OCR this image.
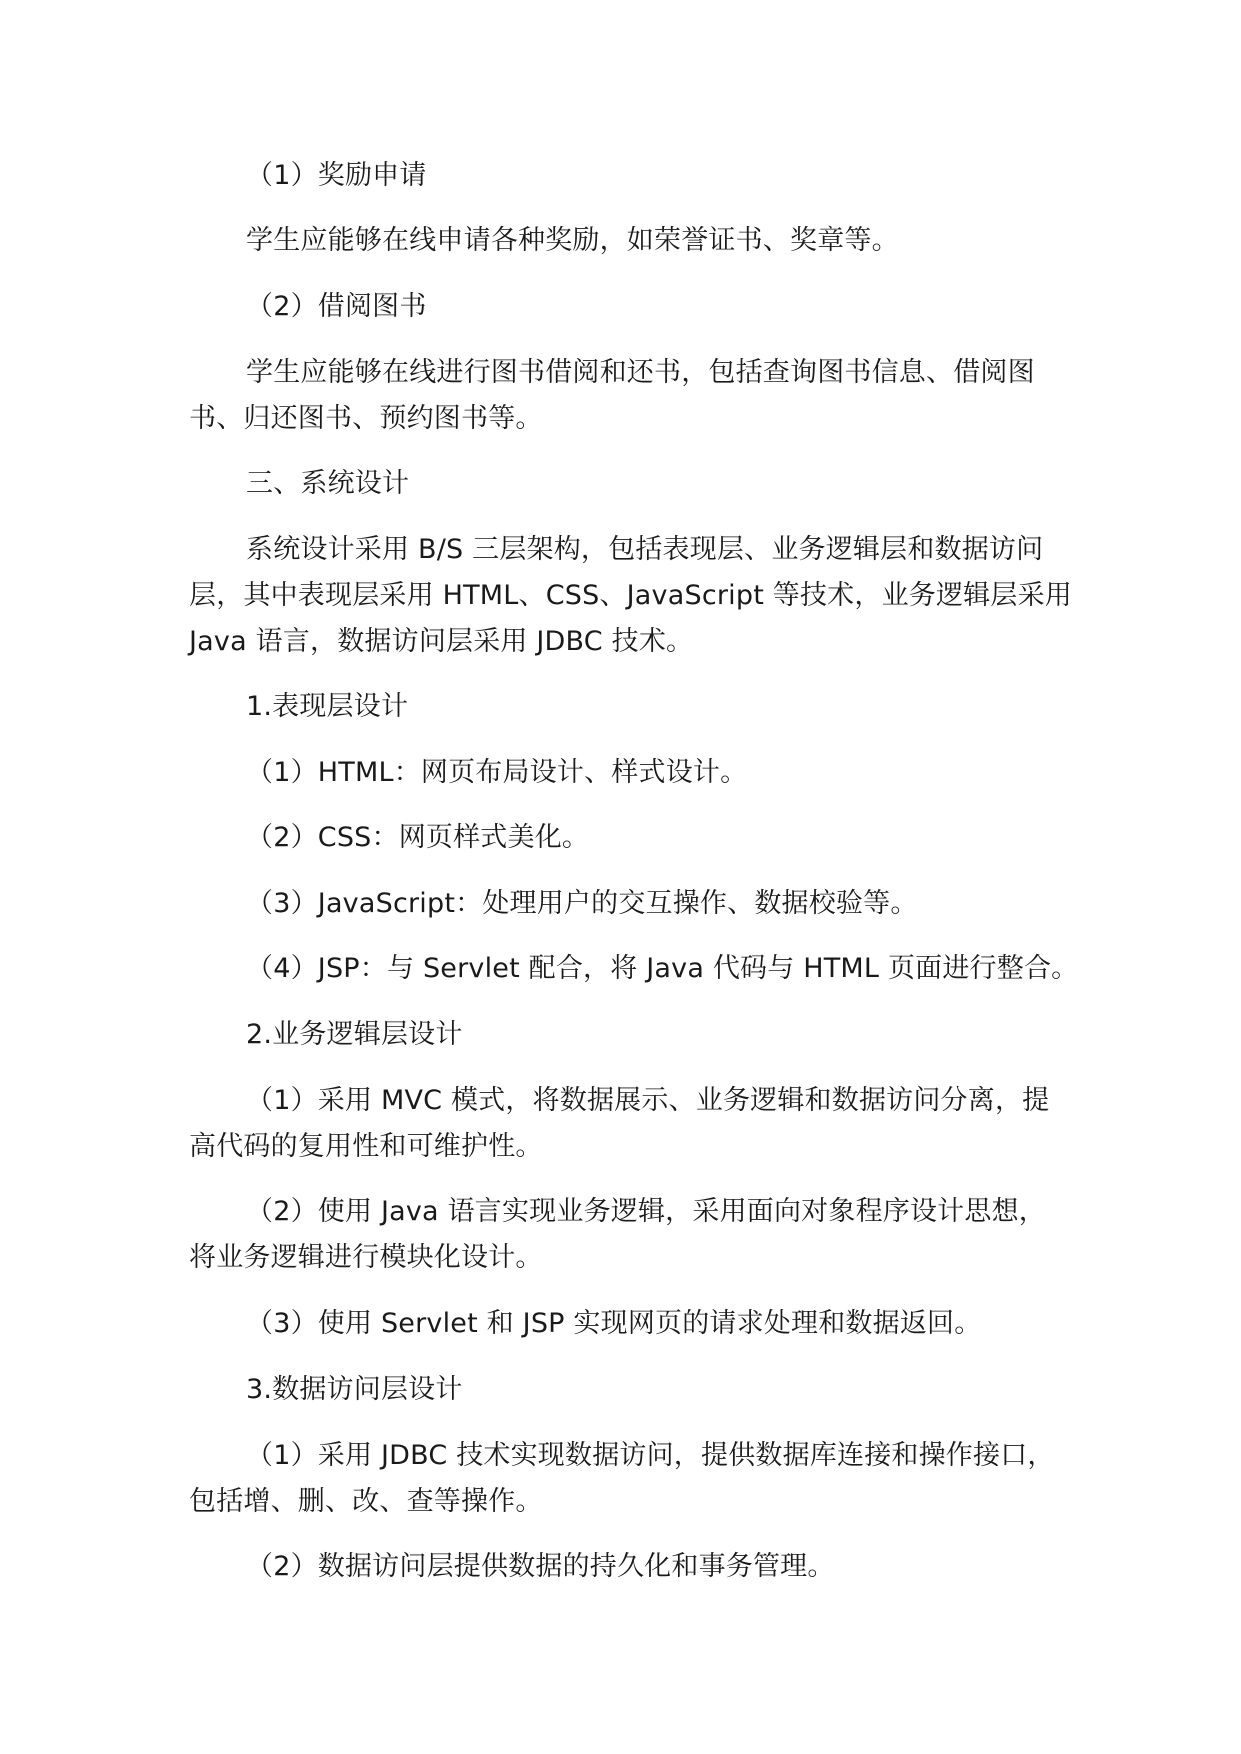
（1）奖励申请

学生应能够在线申请各种奖励，如荣誉证书、奖章等。

（2）借阅图书

学生应能够在线进行图书借阅和还书，包括查询图书信息、借阅图
书、归还图书、预约图书等。

三、系统设计

系统设计采用 B/S 三层架构，包括表现层、业务逻辑层和数据访问
层，其中表现层采用 HTML、CSS、JavaScript 等技术，业务逻辑层采用
Java 语言，数据访问层采用 JDBC 技术。

1.表现层设计

（1）HTML：网页布局设计、样式设计。

（2）CSS：网页样式美化。

（3）JavaScript：处理用户的交互操作、数据校验等。

（4）JSP：与 Servlet 配合，将 Java 代码与 HTML 页面进行整合。

2.业务逻辑层设计

（1）采用 MVC 模式，将数据展示、业务逻辑和数据访问分离，提
高代码的复用性和可维护性。

（2）使用 Java 语言实现业务逻辑，采用面向对象程序设计思想，
将业务逻辑进行模块化设计。

（3）使用 Servlet 和 JSP 实现网页的请求处理和数据返回。

3.数据访问层设计

（1）采用 JDBC 技术实现数据访问，提供数据库连接和操作接口，
包括增、删、改、查等操作。

（2）数据访问层提供数据的持久化和事务管理。
